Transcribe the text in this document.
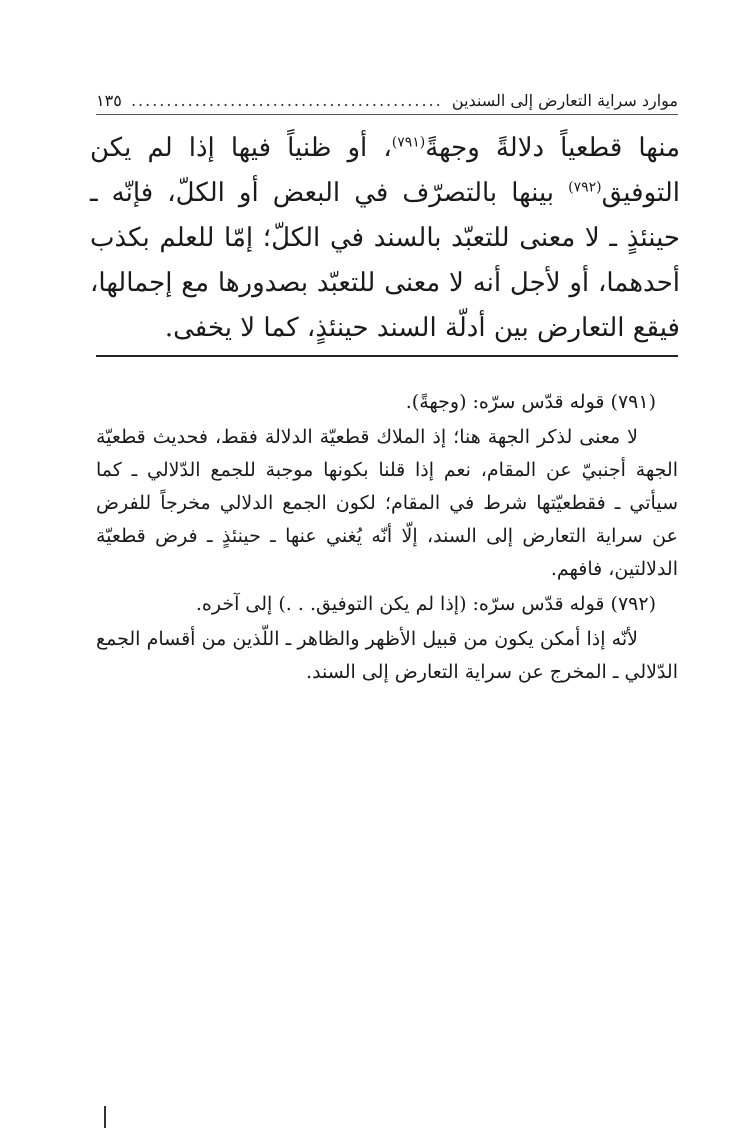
موارد سراية التعارض إلى السندين
............................................
١٣٥

منها قطعياً دلالةً وجهةً$^{(٧٩١)}$، أو ظنياً فيها إذا لم يكن التوفيق$^{(٧٩٢)}$ بينها بالتصرّف في البعض أو الكلّ، فإنّه ـ حينئذٍ ـ لا معنى للتعبّد بالسند في الكلّ؛ إمّا للعلم بكذب أحدهما، أو لأجل أنه لا معنى للتعبّد بصدورها مع إجمالها، فيقع التعارض بين أدلّة السند حينئذٍ، كما لا يخفى.

(٧٩١) قوله قدّس سرّه: (وجهةً).

لا معنى لذكر الجهة هنا؛ إذ الملاك قطعيّة الدلالة فقط، فحديث قطعيّة الجهة أجنبيّ عن المقام، نعم إذا قلنا بكونها موجبة للجمع الدّلالي ـ كما سيأتي ـ فقطعيّتها شرط في المقام؛ لكون الجمع الدلالي مخرجاً للفرض عن سراية التعارض إلى السند، إلّا أنّه يُغني عنها ـ حينئذٍ ـ فرض قطعيّة الدلالتين، فافهم.

(٧٩٢) قوله قدّس سرّه: (إذا لم يكن التوفيق. . .) إلى آخره.

لأنّه إذا أمكن يكون من قبيل الأظهر والظاهر ـ اللّذين من أقسام الجمع الدّلالي ـ المخرج عن سراية التعارض إلى السند.
